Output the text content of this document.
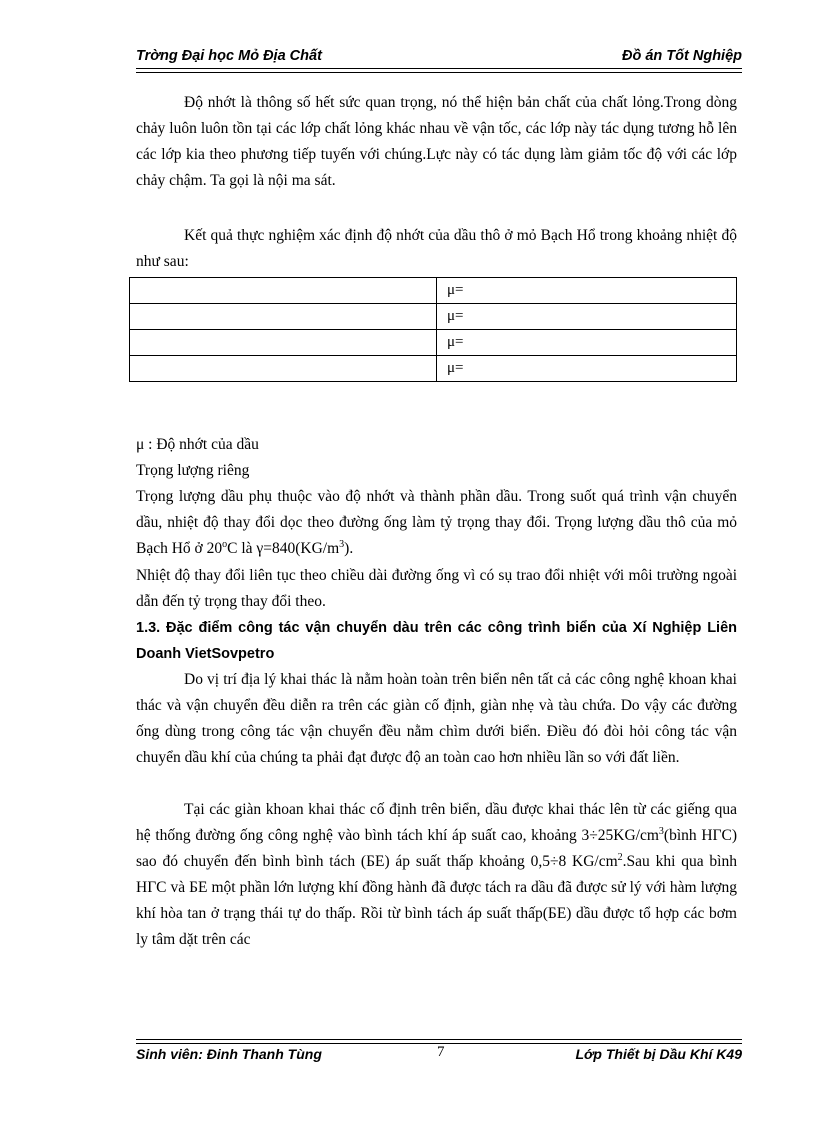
Trờng Đại học Mỏ Địa Chất	Đồ án Tốt Nghiệp
Độ nhớt là thông số hết sức quan trọng, nó thể hiện bản chất của chất lỏng.Trong dòng chảy luôn luôn tồn tại các lớp chất lỏng khác nhau về vận tốc, các lớp này tác dụng tương hỗ lên các lớp kia theo phương tiếp tuyến với chúng.Lực này có tác dụng làm giảm tốc độ với các lớp chảy chậm. Ta gọi là nội ma sát.
Kết quả thực nghiệm xác định độ nhớt của dầu thô ở mỏ Bạch Hổ trong khoảng nhiệt độ như sau:
	μ=
	μ=
	μ=
	μ=
μ : Độ nhớt của dầu
Trọng lượng riêng
Trọng lượng dầu phụ thuộc vào độ nhớt và thành phần dầu. Trong suốt quá trình vận chuyển dầu, nhiệt độ thay đổi dọc theo đường ống làm tỷ trọng thay đổi. Trọng lượng dầu thô của mỏ Bạch Hổ ở 20$^o$C là $\gamma=840(KG/m^3)$.
Nhiệt độ thay đổi liên tục theo chiều dài đường ống vì có sụ trao đổi nhiệt với môi trường ngoài dẫn đến tỷ trọng thay đổi theo.
1.3. Đặc điểm công tác vận chuyển dàu trên các công trình biển của Xí Nghiệp Liên Doanh VietSovpetro
Do vị trí địa lý khai thác là nằm hoàn toàn trên biển nên tất cả các công nghệ khoan khai thác và vận chuyển đều diễn ra trên các giàn cố định, giàn nhẹ và tàu chứa. Do vậy các đường ống dùng trong công tác vận chuyển đều nằm chìm dưới biển. Điều đó đòi hỏi công tác vận chuyển dầu khí của chúng ta phải đạt được độ an toàn cao hơn nhiều lần so với đất liền.
Tại các giàn khoan khai thác cố định trên biển, dầu được khai thác lên từ các giếng qua hệ thống đường ống công nghệ vào bình tách khí áp suất cao, khoảng $3\div 25KG/cm^3(bình$ HГC) sao đó chuyển đến bình bình tách (БЕ) áp suất thấp khoảng 0,5÷8 $KG/cm^2.Sau$ khi qua bình HГC và БЕ một phần lớn lượng khí đồng hành đã được tách ra dầu đã được sử lý với hàm lượng khí hòa tan ở trạng thái tự do thấp. Rồi từ bình tách áp suất thấp(БЕ) dầu được tổ hợp các bơm ly tâm dặt trên các
Sinh viên: Đinh Thanh Tùng	7	Lớp Thiết bị Dầu Khí K49
